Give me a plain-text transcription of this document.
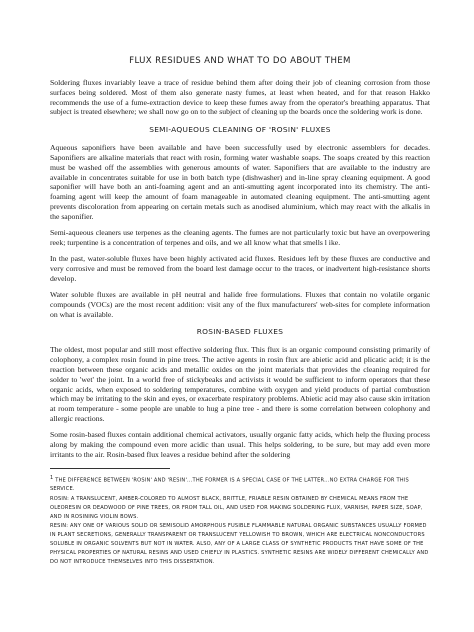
FLUX RESIDUES AND WHAT TO DO ABOUT THEM

Soldering fluxes invariably leave a trace of residue behind them after doing their job of cleaning corrosion from those surfaces being soldered. Most of them also generate nasty fumes, at least when heated, and for that reason Hakko recommends the use of a fume-extraction device to keep these fumes away from the operator's breathing apparatus. That subject is treated elsewhere; we shall now go on to the subject of cleaning up the boards once the soldering work is done.

SEMI-AQUEOUS CLEANING OF 'ROSIN' FLUXES

Aqueous saponifiers have been available and have been successfully used by electronic assemblers for decades. Saponifiers are alkaline materials that react with rosin, forming water washable soaps. The soaps created by this reaction must be washed off the assemblies with generous amounts of water. Saponifiers that are available to the industry are available in concentrates suitable for use in both batch type (dishwasher) and in-line spray cleaning equipment. A good saponifier will have both an anti-foaming agent and an anti-smutting agent incorporated into its chemistry. The anti-foaming agent will keep the amount of foam manageable in automated cleaning equipment. The anti-smutting agent prevents discoloration from appearing on certain metals such as anodised aluminium, which may react with the alkalis in the saponifier.

Semi-aqueous cleaners use terpenes as the cleaning agents. The fumes are not particularly toxic but have an overpowering reek; turpentine is a concentration of terpenes and oils, and we all know what that smells l ike.

In the past, water-soluble fluxes have been highly activated acid fluxes. Residues left by these fluxes are conductive and very corrosive and must be removed from the board lest damage occur to the traces, or inadvertent high-resistance shorts develop.

Water soluble fluxes are available in pH neutral and halide free formulations. Fluxes that contain no volatile organic compounds (VOCs) are the most recent addition: visit any of the flux manufacturers' web-sites for complete information on what is available.

ROSIN-BASED FLUXES

The oldest, most popular and still most effective soldering flux. This flux is an organic compound consisting primarily of colophony, a complex rosin found in pine trees. The active agents in rosin flux are abietic acid and plicatic acid; it is the reaction between these organic acids and metallic oxides on the joint materials that provides the cleaning required for solder to 'wet' the joint. In a world free of stickybeaks and activists it would be sufficient to inform operators that these organic acids, when exposed to soldering temperatures, combine with oxygen and yield products of partial combustion which may be irritating to the skin and eyes, or exacerbate respiratory problems. Abietic acid may also cause skin irritation at room temperature - some people are unable to hug a pine tree - and there is some correlation between colophony and allergic reactions.

Some rosin-based fluxes contain additional chemical activators, usually organic fatty acids, which help the fluxing process along by making the compound even more acidic than usual. This helps soldering, to be sure, but may add even more irritants to the air. Rosin-based flux leaves a residue behind after the soldering

$^1$ THE DIFFERENCE BETWEEN 'ROSIN' AND 'RESIN'...THE FORMER IS A SPECIAL CASE OF THE LATTER...NO EXTRA CHARGE FOR THIS SERVICE.

ROSIN: A TRANSLUCENT, AMBER-COLORED TO ALMOST BLACK, BRITTLE, FRIABLE RESIN OBTAINED BY CHEMICAL MEANS FROM THE OLEORESIN OR DEADWOOD OF PINE TREES, OR FROM TALL OIL, AND USED FOR MAKING SOLDERING FLUX, VARNISH, PAPER SIZE, SOAP, AND IN ROSINING VIOLIN BOWS.

RESIN: ANY ONE OF VARIOUS SOLID OR SEMISOLID AMORPHOUS FUSIBLE FLAMMABLE NATURAL ORGANIC SUBSTANCES USUALLY FORMED IN PLANT SECRETIONS, GENERALLY TRANSPARENT OR TRANSLUCENT YELLOWISH TO BROWN, WHICH ARE ELECTRICAL NONCONDUCTORS SOLUBLE IN ORGANIC SOLVENTS BUT NOT IN WATER. ALSO, ANY OF A LARGE CLASS OF SYNTHETIC PRODUCTS THAT HAVE SOME OF THE PHYSICAL PROPERTIES OF NATURAL RESINS AND USED CHIEFLY IN PLASTICS. SYNTHETIC RESINS ARE WIDELY DIFFERENT CHEMICALLY AND DO NOT INTRODUCE THEMSELVES INTO THIS DISSERTATION.
